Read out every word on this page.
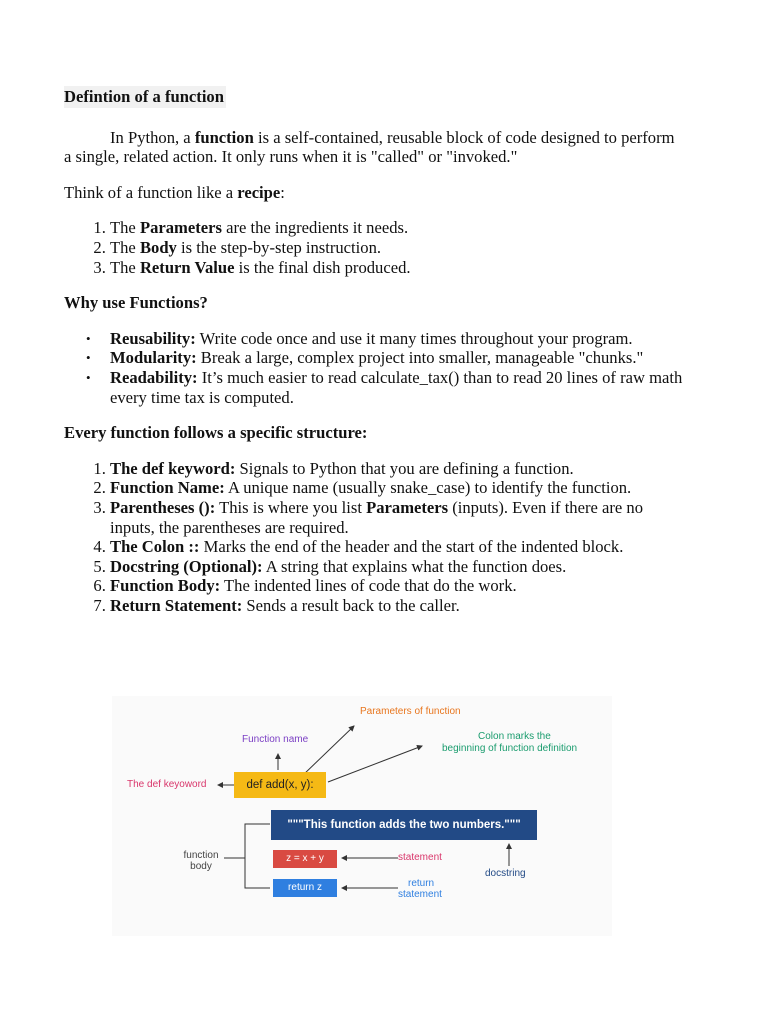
Defintion of a function

In Python, a function is a self-contained, reusable block of code designed to perform a single, related action. It only runs when it is "called" or "invoked."

Think of a function like a recipe:

1. The Parameters are the ingredients it needs.
2. The Body is the step-by-step instruction.
3. The Return Value is the final dish produced.

Why use Functions?

• Reusability: Write code once and use it many times throughout your program.
• Modularity: Break a large, complex project into smaller, manageable "chunks."
• Readability: It’s much easier to read calculate_tax() than to read 20 lines of raw math every time tax is computed.

Every function follows a specific structure:

1. The def keyword: Signals to Python that you are defining a function.
2. Function Name: A unique name (usually snake_case) to identify the function.
3. Parentheses (): This is where you list Parameters (inputs). Even if there are no inputs, the parentheses are required.
4. The Colon :: Marks the end of the header and the start of the indented block.
5. Docstring (Optional): A string that explains what the function does.
6. Function Body: The indented lines of code that do the work.
7. Return Statement: Sends a result back to the caller.
Parameters of function
Function name	Colon marks the
beginning of function definition
The def keyoword	def add(x, y):
"""This function adds the two numbers."""
z = x + y
return z
function
body
statement
docstring
return
statement
